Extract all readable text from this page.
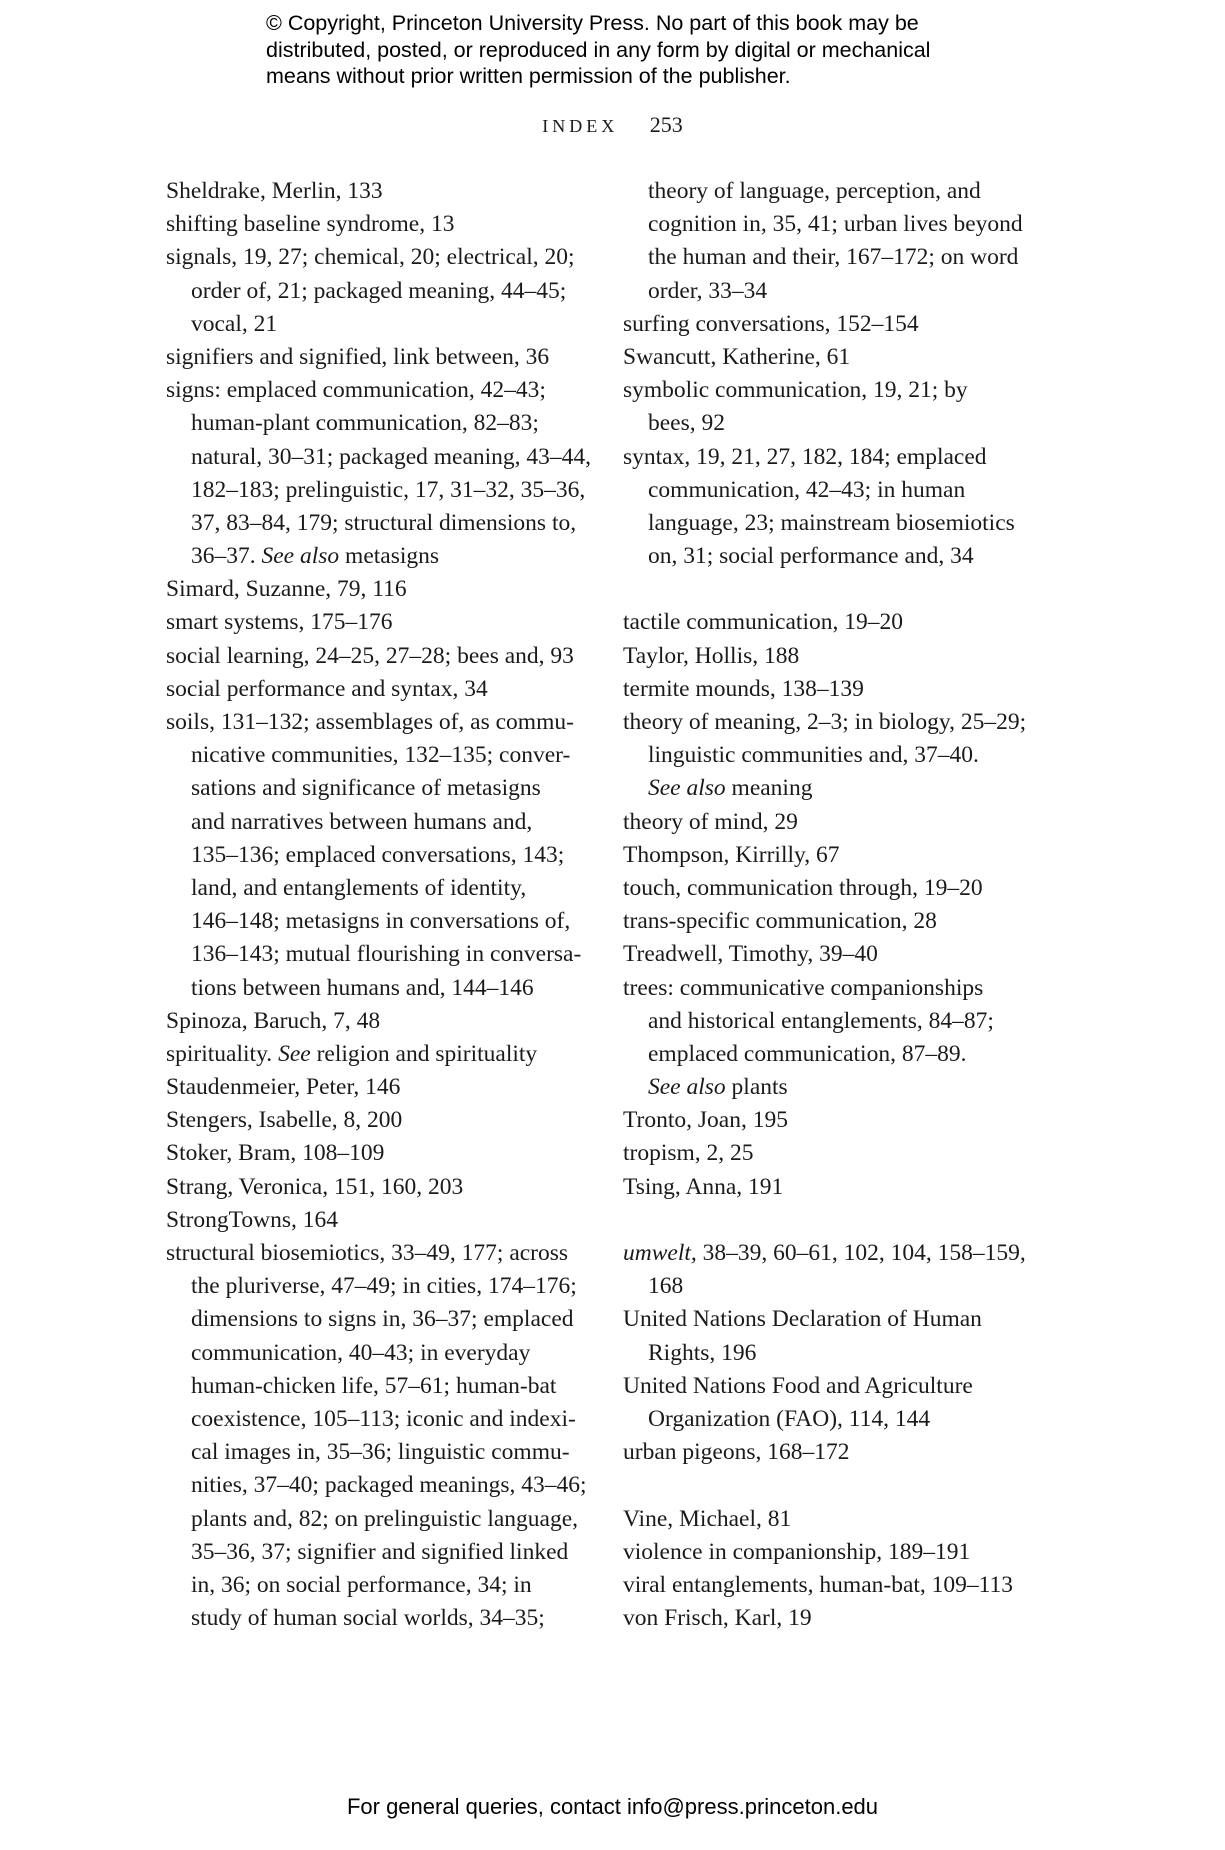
© Copyright, Princeton University Press. No part of this book may be
distributed, posted, or reproduced in any form by digital or mechanical
means without prior written permission of the publisher.
INDEX 253
Sheldrake, Merlin, 133
shifting baseline syndrome, 13
signals, 19, 27; chemical, 20; electrical, 20;
order of, 21; packaged meaning, 44–45;
vocal, 21
signifiers and signified, link between, 36
signs: emplaced communication, 42–43;
human-plant communication, 82–83;
natural, 30–31; packaged meaning, 43–44,
182–183; prelinguistic, 17, 31–32, 35–36,
37, 83–84, 179; structural dimensions to,
36–37. See also metasigns
Simard, Suzanne, 79, 116
smart systems, 175–176
social learning, 24–25, 27–28; bees and, 93
social performance and syntax, 34
soils, 131–132; assemblages of, as commu-
nicative communities, 132–135; conver-
sations and significance of metasigns
and narratives between humans and,
135–136; emplaced conversations, 143;
land, and entanglements of identity,
146–148; metasigns in conversations of,
136–143; mutual flourishing in conversa-
tions between humans and, 144–146
Spinoza, Baruch, 7, 48
spirituality. See religion and spirituality
Staudenmeier, Peter, 146
Stengers, Isabelle, 8, 200
Stoker, Bram, 108–109
Strang, Veronica, 151, 160, 203
StrongTowns, 164
structural biosemiotics, 33–49, 177; across
the pluriverse, 47–49; in cities, 174–176;
dimensions to signs in, 36–37; emplaced
communication, 40–43; in everyday
human-chicken life, 57–61; human-bat
coexistence, 105–113; iconic and indexi-
cal images in, 35–36; linguistic commu-
nities, 37–40; packaged meanings, 43–46;
plants and, 82; on prelinguistic language,
35–36, 37; signifier and signified linked
in, 36; on social performance, 34; in
study of human social worlds, 34–35;
theory of language, perception, and
cognition in, 35, 41; urban lives beyond
the human and their, 167–172; on word
order, 33–34
surfing conversations, 152–154
Swancutt, Katherine, 61
symbolic communication, 19, 21; by
bees, 92
syntax, 19, 21, 27, 182, 184; emplaced
communication, 42–43; in human
language, 23; mainstream biosemiotics
on, 31; social performance and, 34
tactile communication, 19–20
Taylor, Hollis, 188
termite mounds, 138–139
theory of meaning, 2–3; in biology, 25–29;
linguistic communities and, 37–40.
See also meaning
theory of mind, 29
Thompson, Kirrilly, 67
touch, communication through, 19–20
trans-specific communication, 28
Treadwell, Timothy, 39–40
trees: communicative companionships
and historical entanglements, 84–87;
emplaced communication, 87–89.
See also plants
Tronto, Joan, 195
tropism, 2, 25
Tsing, Anna, 191
umwelt, 38–39, 60–61, 102, 104, 158–159,
168
United Nations Declaration of Human
Rights, 196
United Nations Food and Agriculture
Organization (FAO), 114, 144
urban pigeons, 168–172
Vine, Michael, 81
violence in companionship, 189–191
viral entanglements, human-bat, 109–113
von Frisch, Karl, 19
For general queries, contact info@press.princeton.edu
